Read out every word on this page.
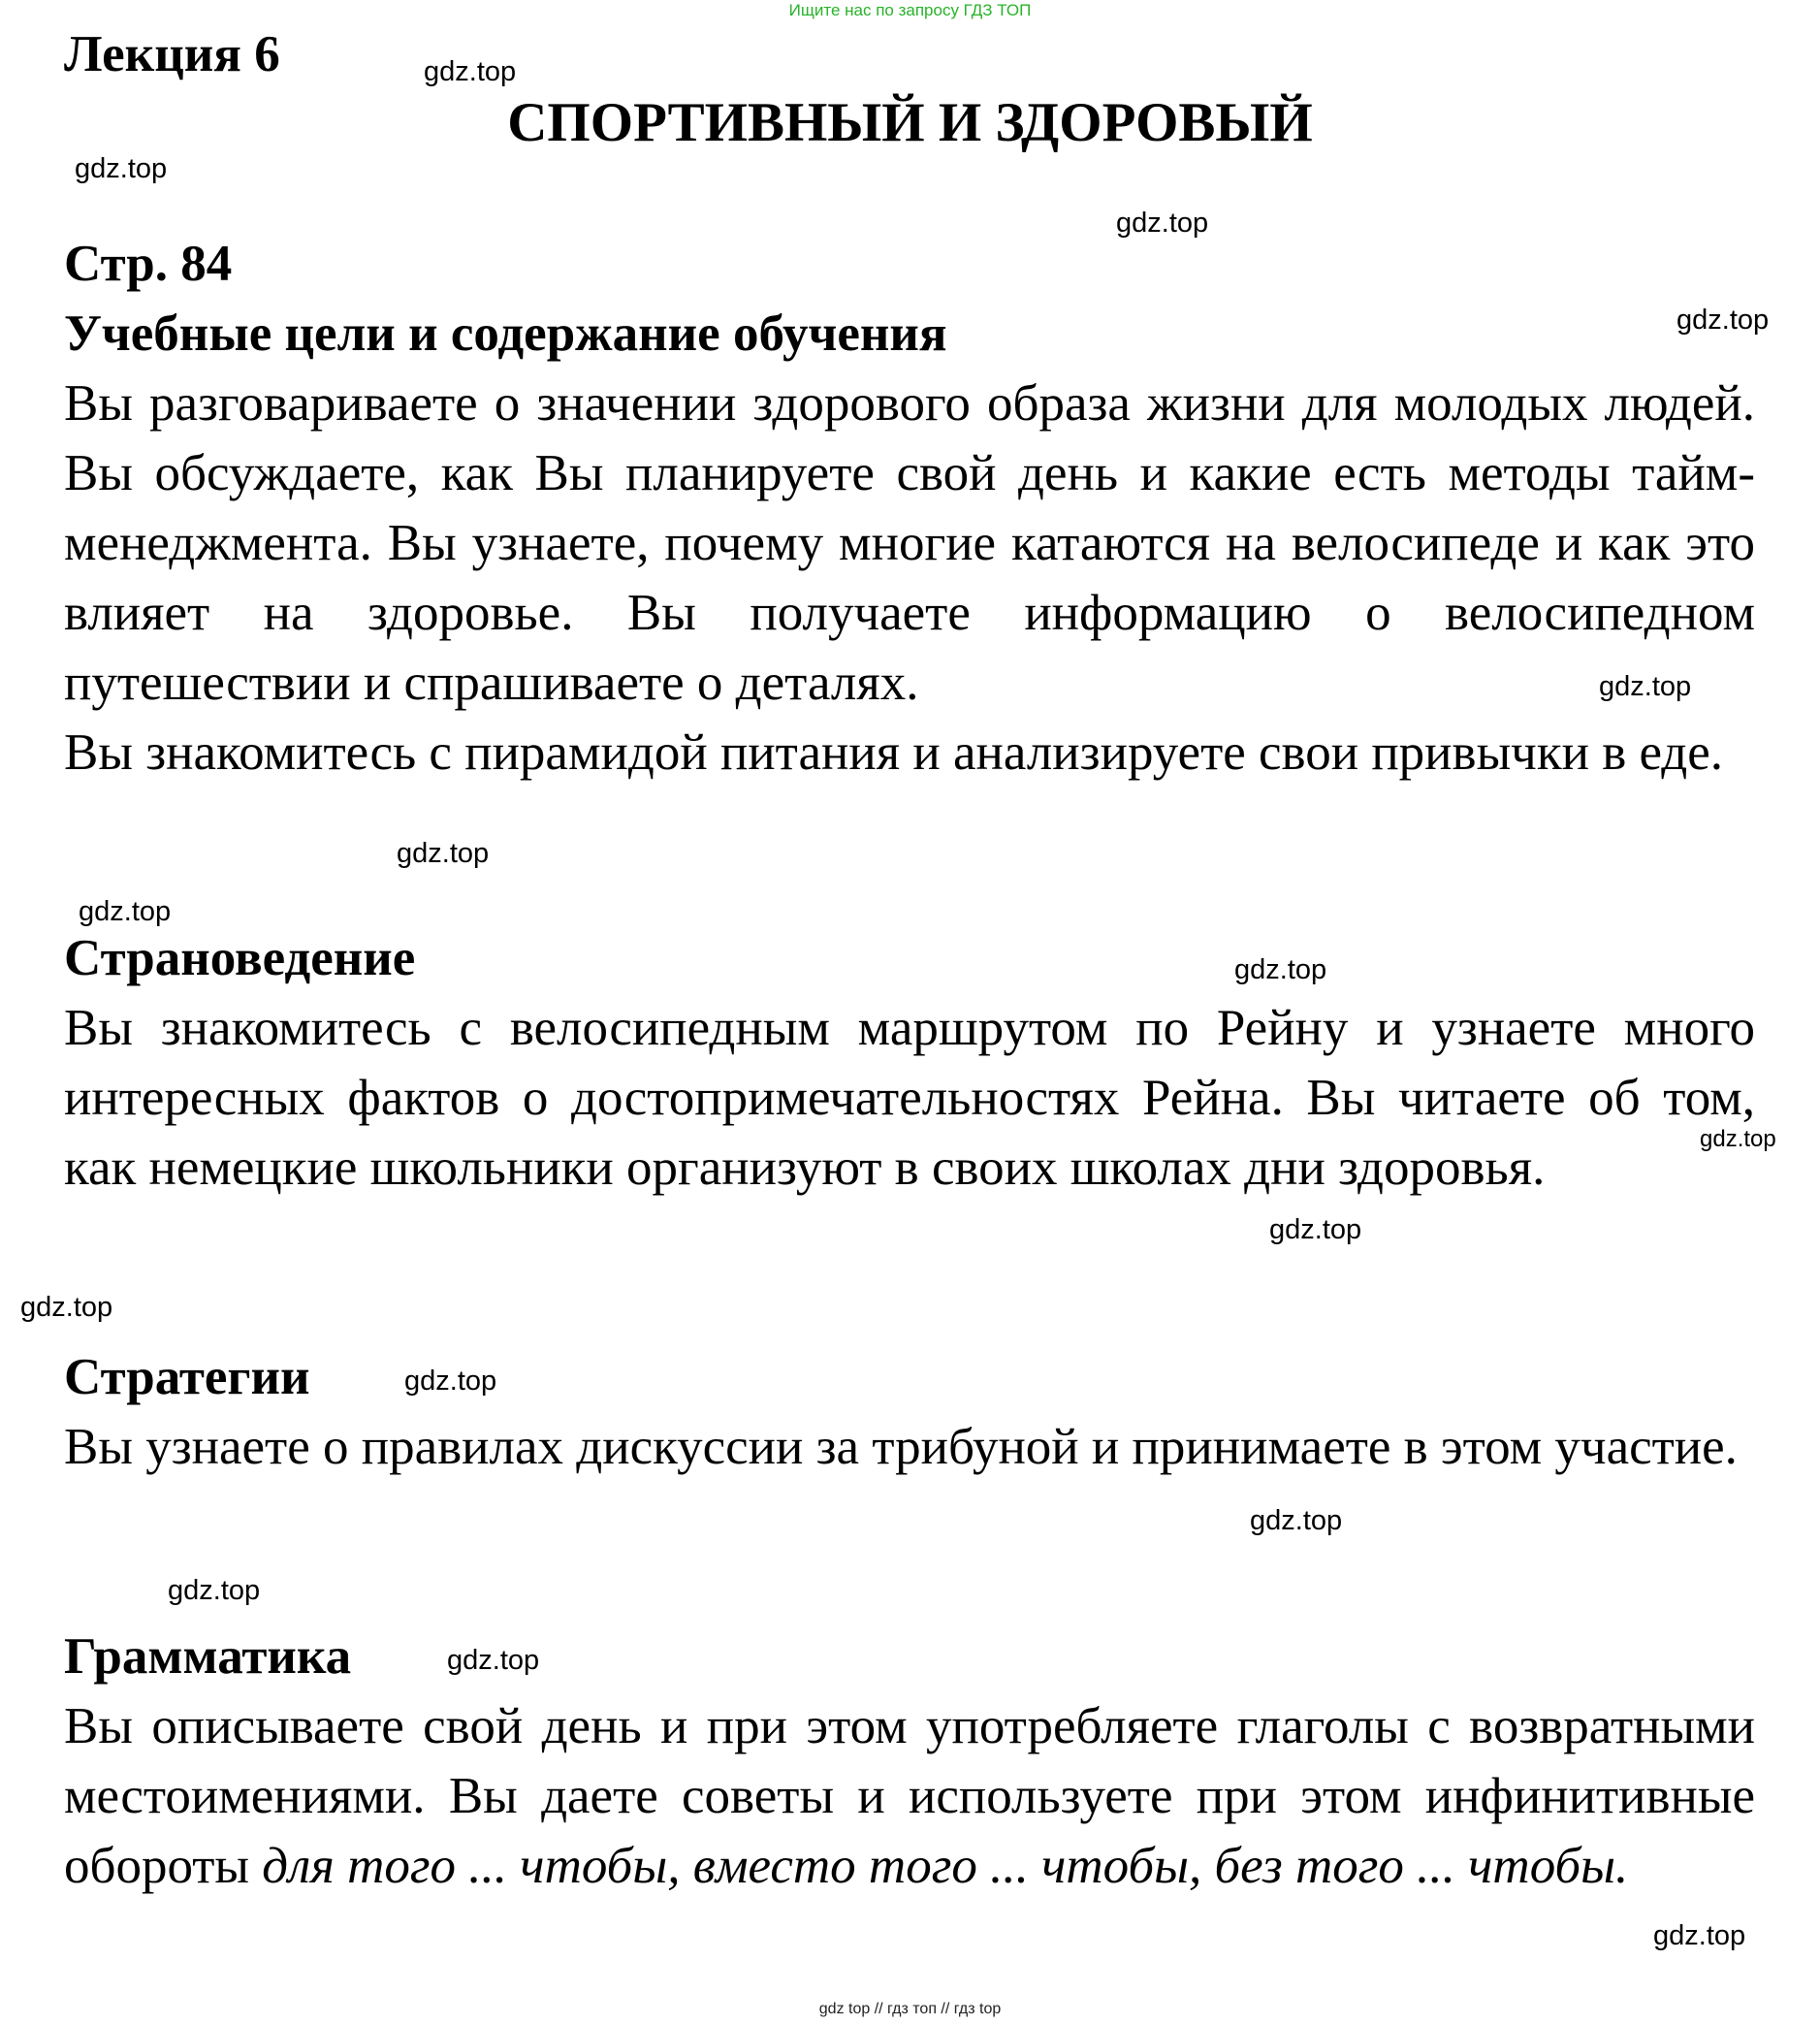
Ищите нас по запросу ГДЗ ТОП
Лекция 6
СПОРТИВНЫЙ И ЗДОРОВЫЙ
Стр. 84
Учебные цели и содержание обучения

Вы разговариваете о значении здорового образа жизни для молодых людей. Вы обсуждаете, как Вы планируете свой день и какие есть методы тайм-менеджмента. Вы узнаете, почему многие катаются на велосипеде и как это влияет на здоровье. Вы получаете информацию о велосипедном путешествии и спрашиваете о деталях.

Вы знакомитесь с пирамидой питания и анализируете свои привычки в еде.

Страноведение

Вы знакомитесь с велосипедным маршрутом по Рейну и узнаете много интересных фактов о достопримечательностях Рейна. Вы читаете об том, как немецкие школьники организуют в своих школах дни здоровья.

Стратегии

Вы узнаете о правилах дискуссии за трибуной и принимаете в этом участие.

Грамматика

Вы описываете свой день и при этом употребляете глаголы с возвратными местоимениями. Вы даете советы и используете при этом инфинитивные обороты для того ... чтобы, вместо того ... чтобы, без того ... чтобы.

gdz.top
gdz.top
gdz.top
gdz.top
gdz.top
gdz.top
gdz.top
gdz.top
gdz.top
gdz.top
gdz.top
gdz.top
gdz.top
gdz.top
gdz.top
gdz.top
gdz top // гдз топ // гдз top
